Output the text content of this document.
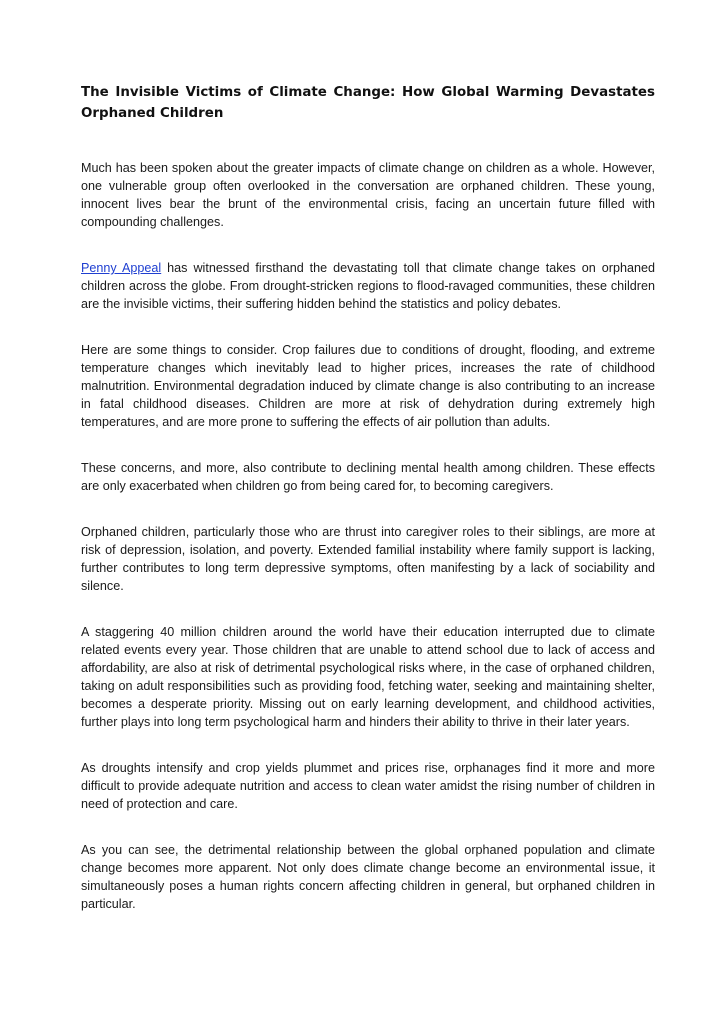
The Invisible Victims of Climate Change: How Global Warming Devastates Orphaned Children

Much has been spoken about the greater impacts of climate change on children as a whole. However, one vulnerable group often overlooked in the conversation are orphaned children. These young, innocent lives bear the brunt of the environmental crisis, facing an uncertain future filled with compounding challenges.

Penny Appeal has witnessed firsthand the devastating toll that climate change takes on orphaned children across the globe. From drought-stricken regions to flood-ravaged communities, these children are the invisible victims, their suffering hidden behind the statistics and policy debates.

Here are some things to consider. Crop failures due to conditions of drought, flooding, and extreme temperature changes which inevitably lead to higher prices, increases the rate of childhood malnutrition. Environmental degradation induced by climate change is also contributing to an increase in fatal childhood diseases. Children are more at risk of dehydration during extremely high temperatures, and are more prone to suffering the effects of air pollution than adults.

These concerns, and more, also contribute to declining mental health among children. These effects are only exacerbated when children go from being cared for, to becoming caregivers.

Orphaned children, particularly those who are thrust into caregiver roles to their siblings, are more at risk of depression, isolation, and poverty. Extended familial instability where family support is lacking, further contributes to long term depressive symptoms, often manifesting by a lack of sociability and silence.

A staggering 40 million children around the world have their education interrupted due to climate related events every year. Those children that are unable to attend school due to lack of access and affordability, are also at risk of detrimental psychological risks where, in the case of orphaned children, taking on adult responsibilities such as providing food, fetching water, seeking and maintaining shelter, becomes a desperate priority. Missing out on early learning development, and childhood activities, further plays into long term psychological harm and hinders their ability to thrive in their later years.

As droughts intensify and crop yields plummet and prices rise, orphanages find it more and more difficult to provide adequate nutrition and access to clean water amidst the rising number of children in need of protection and care.

As you can see, the detrimental relationship between the global orphaned population and climate change becomes more apparent. Not only does climate change become an environmental issue, it simultaneously poses a human rights concern affecting children in general, but orphaned children in particular.
